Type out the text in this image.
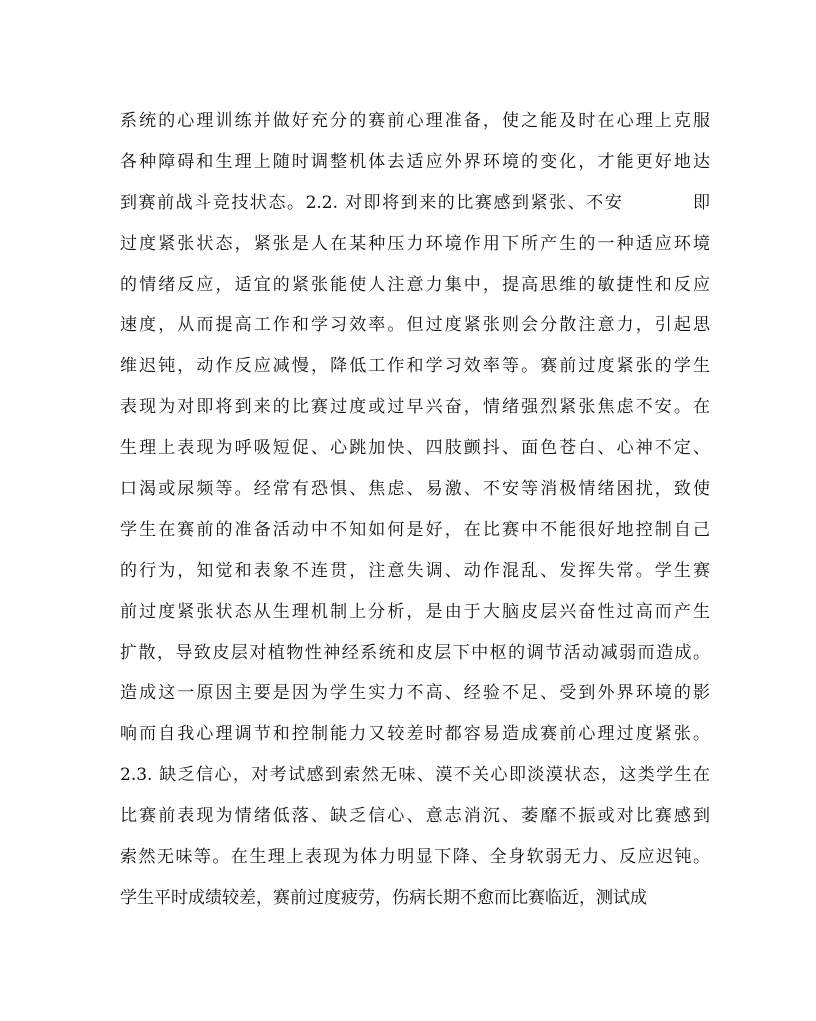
系统的心理训练并做好充分的赛前心理准备，使之能及时在心理上克服
各种障碍和生理上随时调整机体去适应外界环境的变化，才能更好地达
到赛前战斗竞技状态。2.2. 对即将到来的比赛感到紧张、不安          即
过度紧张状态，紧张是人在某种压力环境作用下所产生的一种适应环境
的情绪反应，适宜的紧张能使人注意力集中，提高思维的敏捷性和反应
速度，从而提高工作和学习效率。但过度紧张则会分散注意力，引起思
维迟钝，动作反应减慢，降低工作和学习效率等。赛前过度紧张的学生
表现为对即将到来的比赛过度或过早兴奋，情绪强烈紧张焦虑不安。在
生理上表现为呼吸短促、心跳加快、四肢颤抖、面色苍白、心神不定、
口渴或尿频等。经常有恐惧、焦虑、易激、不安等消极情绪困扰，致使
学生在赛前的准备活动中不知如何是好，在比赛中不能很好地控制自己
的行为，知觉和表象不连贯，注意失调、动作混乱、发挥失常。学生赛
前过度紧张状态从生理机制上分析，是由于大脑皮层兴奋性过高而产生
扩散，导致皮层对植物性神经系统和皮层下中枢的调节活动减弱而造成。
造成这一原因主要是因为学生实力不高、经验不足、受到外界环境的影
响而自我心理调节和控制能力又较差时都容易造成赛前心理过度紧张。
2.3. 缺乏信心，对考试感到索然无味、漠不关心即淡漠状态，这类学生在
比赛前表现为情绪低落、缺乏信心、意志消沉、萎靡不振或对比赛感到
索然无味等。在生理上表现为体力明显下降、全身软弱无力、反应迟钝。
学生平时成绩较差，赛前过度疲劳，伤病长期不愈而比赛临近，测试成
